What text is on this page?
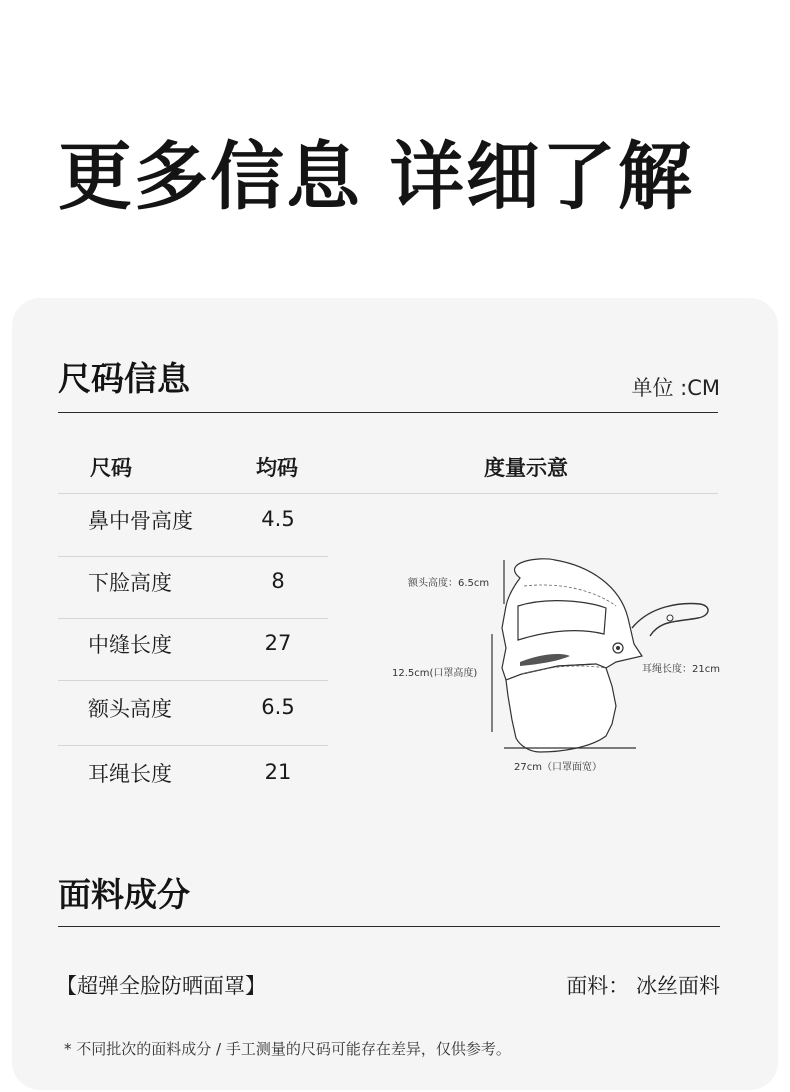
更多信息 详细了解
尺码信息	单位 :CM
尺码	均码	度量示意
鼻中骨高度	4.5
下脸高度	8
中缝长度	27
额头高度	6.5
耳绳长度	21
额头高度：6.5cm
12.5cm(口罩高度)	耳绳长度：21cm
27cm（口罩面宽）
面料成分
【超弹全脸防晒面罩】	面料： 冰丝面料
* 不同批次的面料成分 / 手工测量的尺码可能存在差异，仅供参考。
